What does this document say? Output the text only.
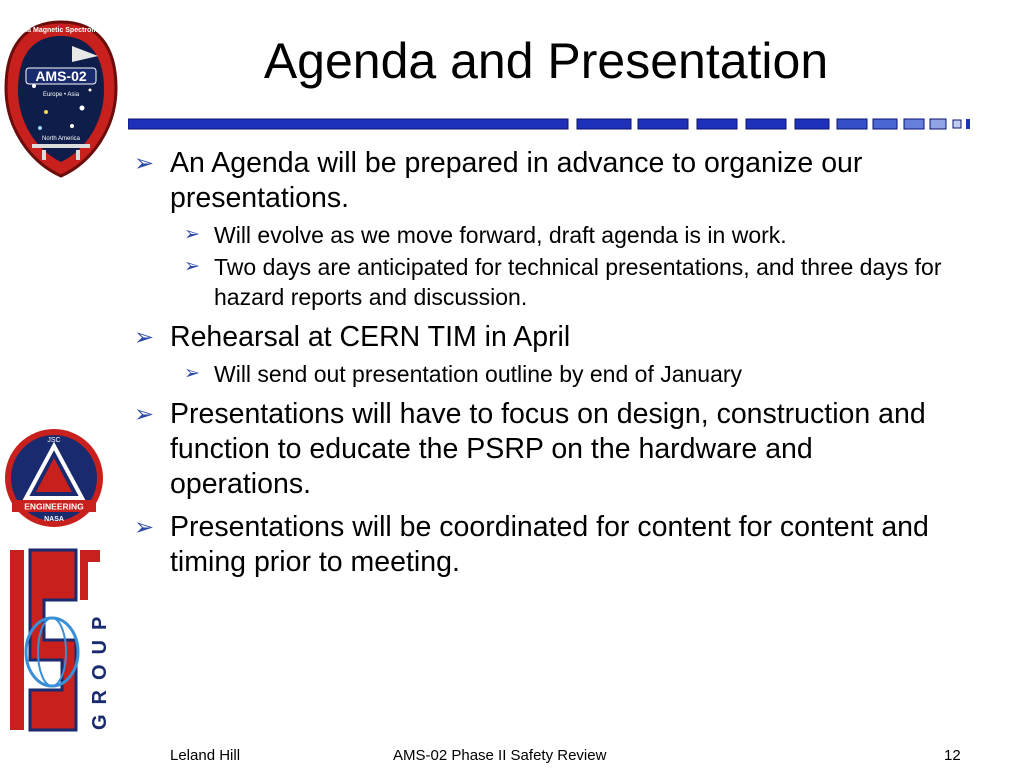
AMS-02
Alpha Magnetic Spectrometer
Europe • Asia
North America
JSC
ENGINEERING
NASA
GROUP
Agenda and Presentation
➢ An Agenda will be prepared in advance to organize our presentations.
➢ Will evolve as we move forward, draft agenda is in work.
➢ Two days are anticipated for technical presentations, and three days for hazard reports and discussion.
➢ Rehearsal at CERN TIM in April
➢ Will send out presentation outline by end of January
➢ Presentations will have to focus on design, construction and function to educate the PSRP on the hardware and operations.
➢ Presentations will be coordinated for content for content and timing prior to meeting.
Leland Hill	AMS-02 Phase II Safety Review	12
